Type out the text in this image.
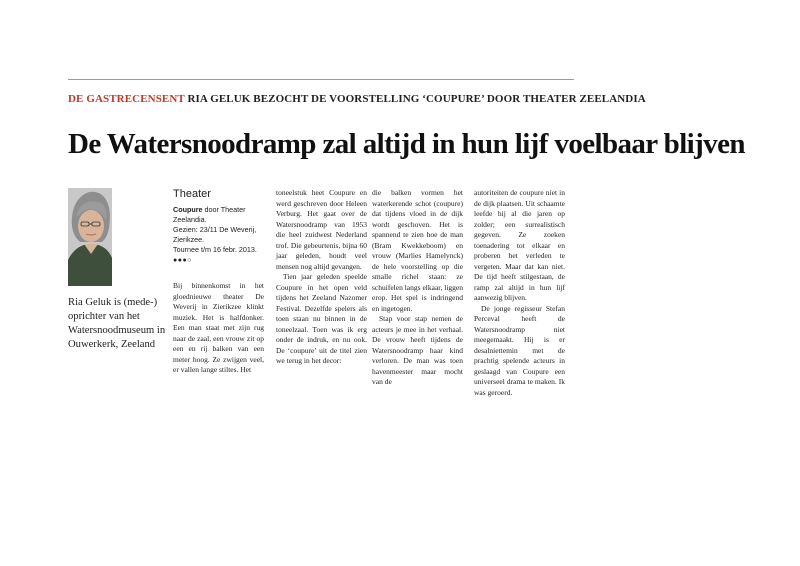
DE GASTRECENSENT RIA GELUK BEZOCHT DE VOORSTELLING ‘COUPURE’ DOOR THEATER ZEELANDIA
De Watersnoodramp zal altijd in hun lijf voelbaar blijven
Ria Geluk is (mede-) oprichter van het Watersnoodmuseum in Ouwerkerk, Zeeland
Theater
Coupure door Theater Zeelandia.
Gezien: 23/11 De Weverij, Zierikzee.
Tournee t/m 16 febr. 2013.
●●●○

Bij binnenkomst in het gloednieuwe theater De Weverij in Zierikzee klinkt muziek. Het is halfdonker. Een man staat met zijn rug naar de zaal, een vrouw zit op een en rij balken van een meter hoog. Ze zwijgen veel, er vallen lange stiltes. Het

toneelstuk heet Coupure en werd geschreven door Heleen Verburg. Het gaat over de Watersnoodramp van 1953 die heel zuidwest Nederland trof. Die gebeurtenis, bijna 60 jaar geleden, houdt veel mensen nog altijd gevangen.

Tien jaar geleden speelde Coupure in het open veld tijdens het Zeeland Nazomer Festival. Dezelfde spelers als toen staan nu binnen in de toneelzaal. Toen was ik erg onder de indruk, en nu ook. De ‘coupure’ uit de titel zien we terug in het decor:

die balken vormen het waterkerende schot (coupure) dat tijdens vloed in de dijk wordt geschoven. Het is spannend te zien hoe de man (Bram Kwekkeboom) en vrouw (Marlies Hamelynck) de hele voorstelling op die smalle richel staan: ze schuifelen langs elkaar, liggen erop. Het spel is indringend en ingetogen.

Stap voor stap nemen de acteurs je mee in het verhaal. De vrouw heeft tijdens de Watersnoodramp haar kind verloren. De man was toen havenmeester maar mocht van de

autoriteiten de coupure niet in de dijk plaatsen. Uit schaamte leefde hij al die jaren op zolder; een surrealistisch gegeven. Ze zoeken toenadering tot elkaar en proberen het verleden te vergeten. Maar dat kan niet. De tijd heeft stilgestaan, de ramp zal altijd in hun lijf aanwezig blijven.

De jonge regisseur Stefan Perceval heeft de Watersnoodramp niet meegemaakt. Hij is er desalniettemin met de prachtig spelende acteurs in geslaagd van Coupure een universeel drama te maken. Ik was geroerd.
